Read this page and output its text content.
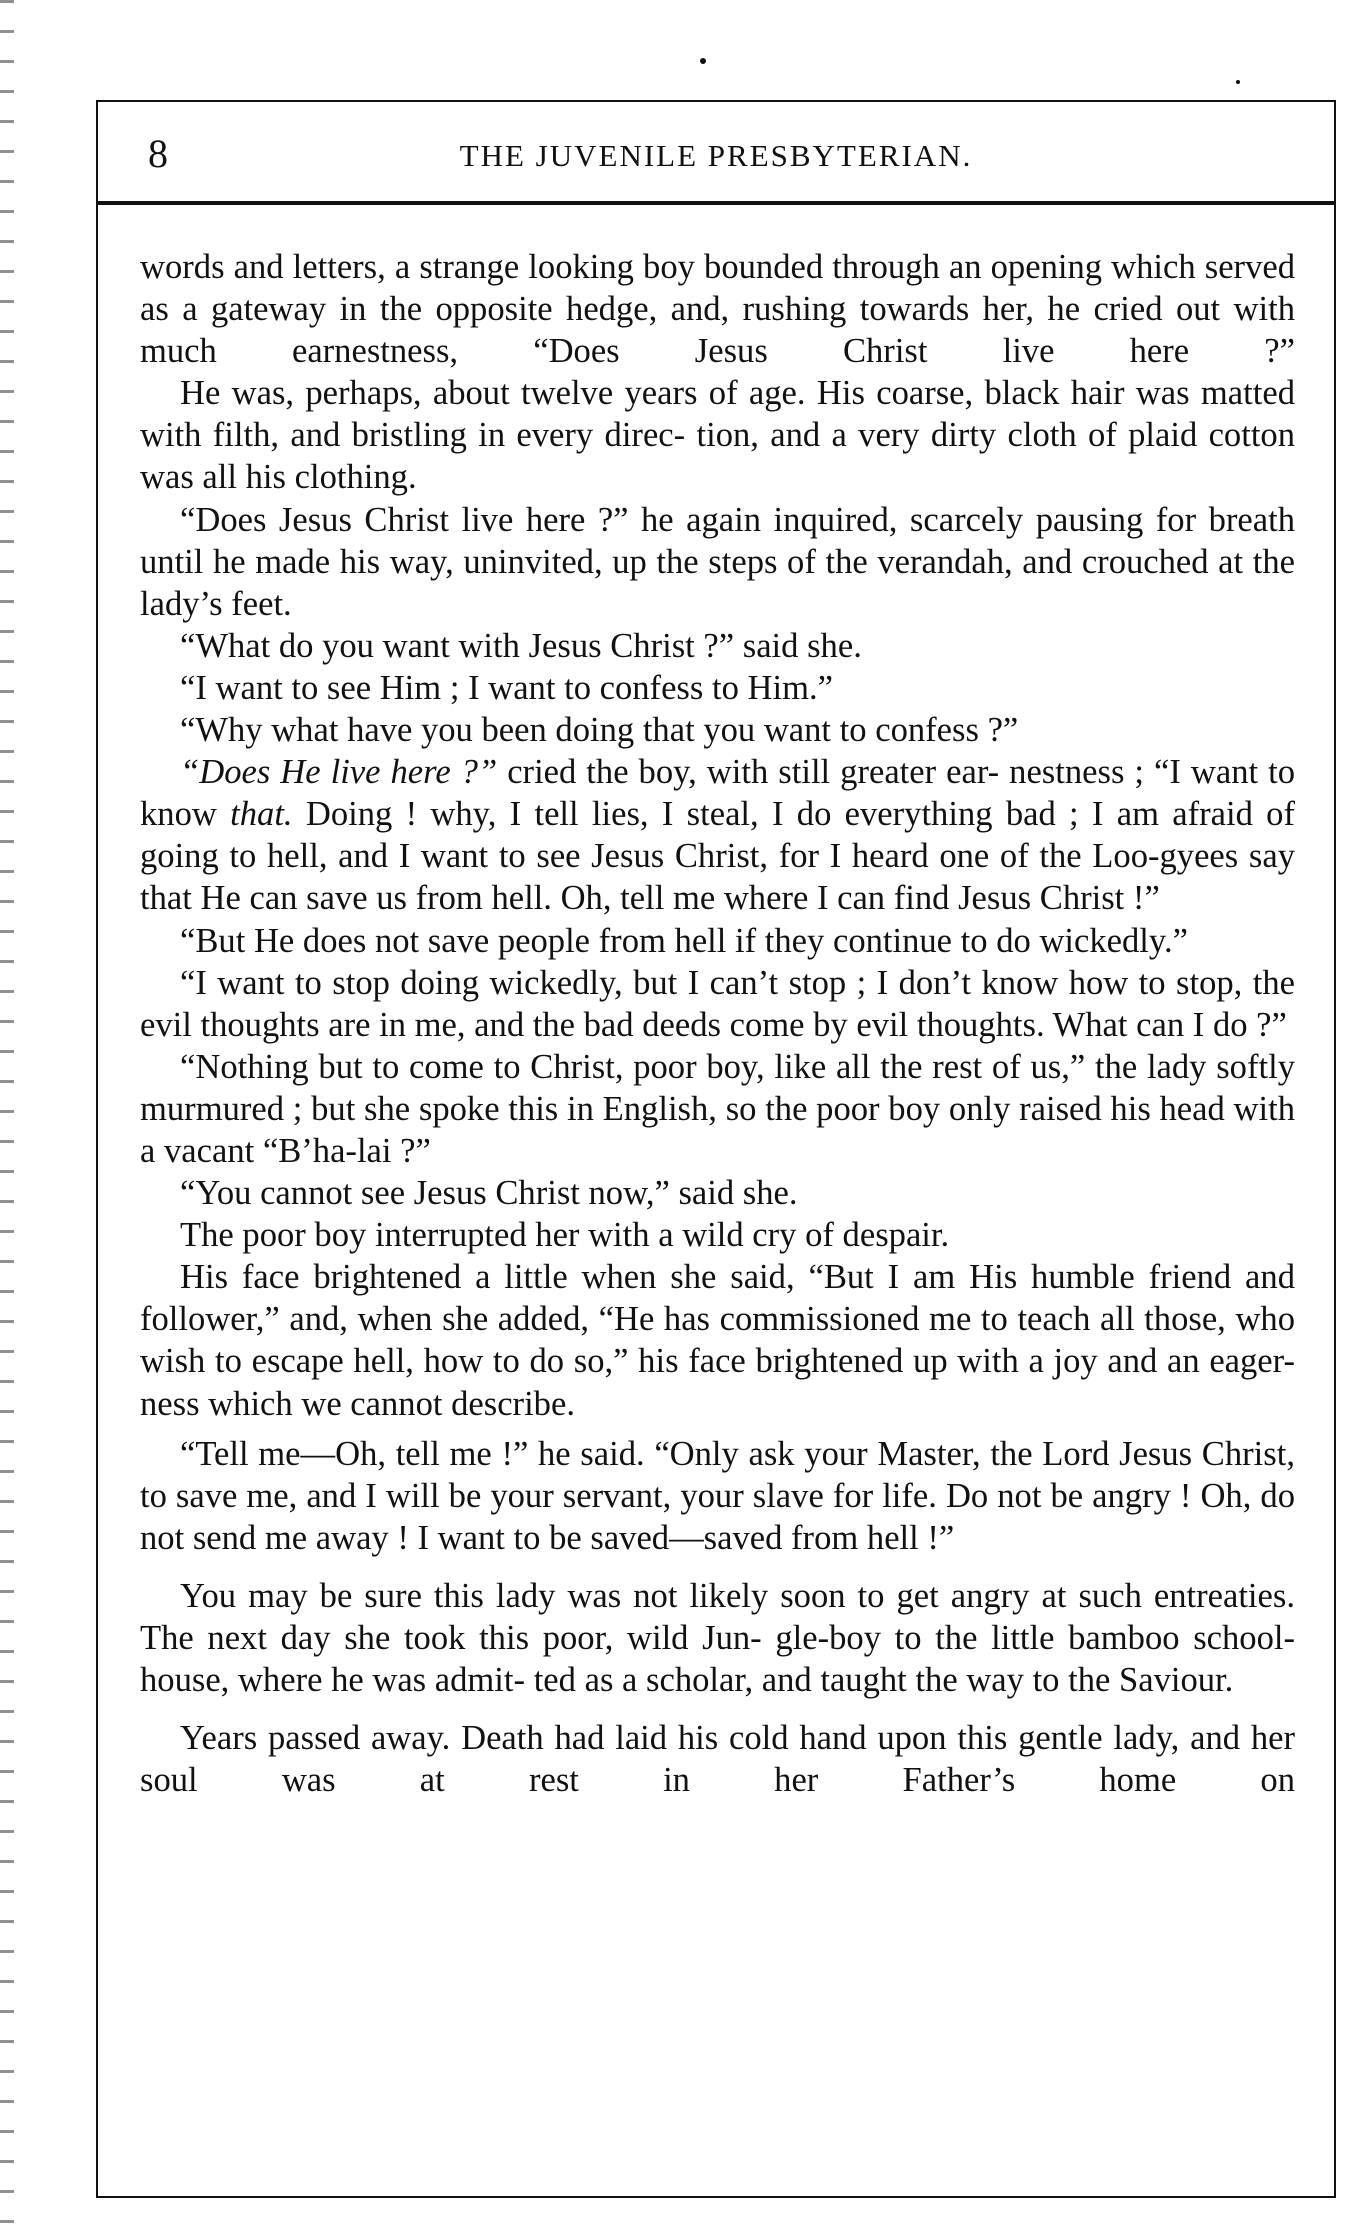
8	THE JUVENILE PRESBYTERIAN.

words and letters, a strange looking boy bounded through an opening which served as a gateway in the opposite hedge, and, rushing towards her, he cried out with much earnestness, “Does Jesus Christ live here ?”

He was, perhaps, about twelve years of age. His coarse, black hair was matted with filth, and bristling in every direc- tion, and a very dirty cloth of plaid cotton was all his clothing.

“Does Jesus Christ live here ?” he again inquired, scarcely pausing for breath until he made his way, uninvited, up the steps of the verandah, and crouched at the lady’s feet.

“What do you want with Jesus Christ ?” said she.

“I want to see Him ; I want to confess to Him.”

“Why what have you been doing that you want to confess ?”

“Does He live here ?” cried the boy, with still greater ear- nestness ; “I want to know that. Doing ! why, I tell lies, I steal, I do everything bad ; I am afraid of going to hell, and I want to see Jesus Christ, for I heard one of the Loo-gyees say that He can save us from hell. Oh, tell me where I can find Jesus Christ !”

“But He does not save people from hell if they continue to do wickedly.”

“I want to stop doing wickedly, but I can’t stop ; I don’t know how to stop, the evil thoughts are in me, and the bad deeds come by evil thoughts. What can I do ?”

“Nothing but to come to Christ, poor boy, like all the rest of us,” the lady softly murmured ; but she spoke this in English, so the poor boy only raised his head with a vacant “B’ha-lai ?”

“You cannot see Jesus Christ now,” said she.

The poor boy interrupted her with a wild cry of despair.

His face brightened a little when she said, “But I am His humble friend and follower,” and, when she added, “He has commissioned me to teach all those, who wish to escape hell, how to do so,” his face brightened up with a joy and an eager- ness which we cannot describe.

“Tell me—Oh, tell me !” he said. “Only ask your Master, the Lord Jesus Christ, to save me, and I will be your servant, your slave for life. Do not be angry ! Oh, do not send me away ! I want to be saved—saved from hell !”

You may be sure this lady was not likely soon to get angry at such entreaties. The next day she took this poor, wild Jun- gle-boy to the little bamboo school-house, where he was admit- ted as a scholar, and taught the way to the Saviour.

Years passed away. Death had laid his cold hand upon this gentle lady, and her soul was at rest in her Father’s home on
